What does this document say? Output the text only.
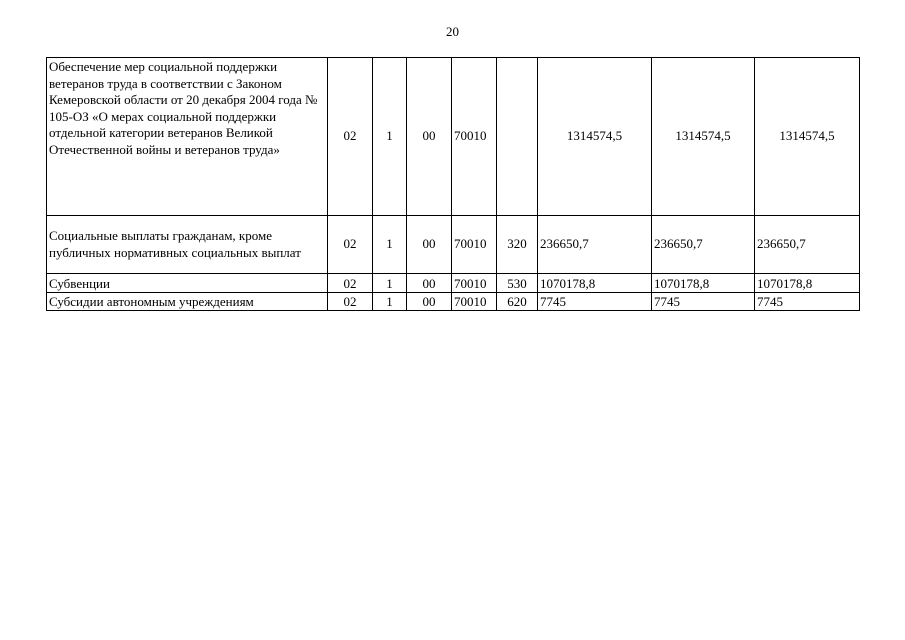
20
Обеспечение мер социальной поддержки ветеранов труда в соответствии с Законом Кемеровской области от 20 декабря 2004 года № 105-ОЗ «О мерах социальной поддержки отдельной категории ветеранов Великой Отечественной войны и ветеранов труда»	02	1	00	70010		1314574,5	1314574,5	1314574,5
Социальные выплаты гражданам, кроме публичных нормативных социальных выплат	02	1	00	70010	320	236650,7	236650,7	236650,7
Субвенции	02	1	00	70010	530	1070178,8	1070178,8	1070178,8
Субсидии автономным учреждениям	02	1	00	70010	620	7745	7745	7745
